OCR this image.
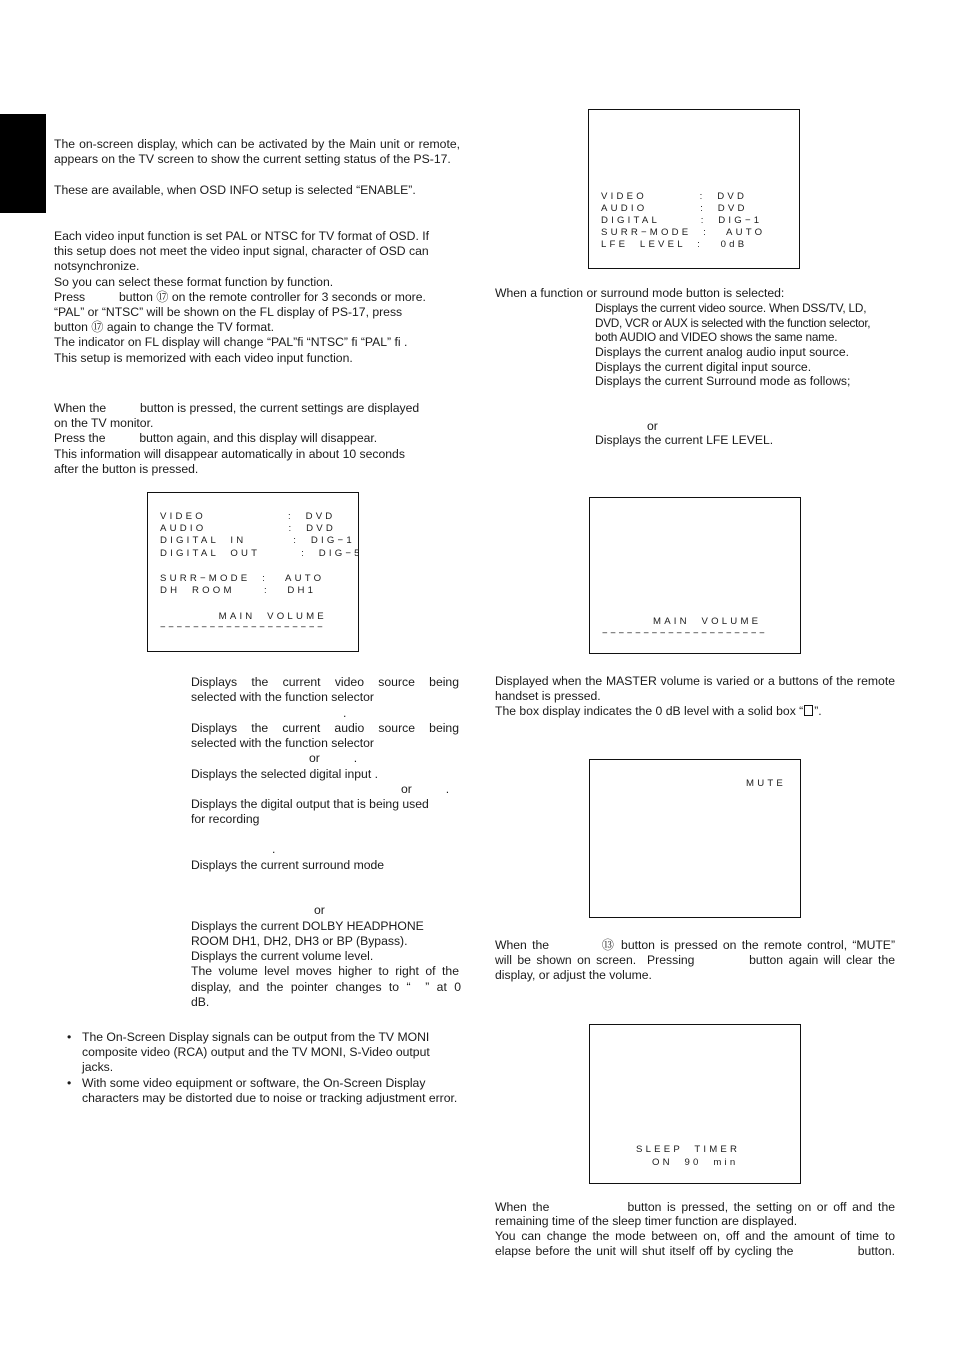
The on-screen display, which can be activated by the Main unit or remote, appears on the TV screen to show the current setting status of the PS-17.

These are available, when OSD INFO setup is selected “ENABLE”.

Each video input function is set PAL or NTSC for TV format of OSD. If

this setup does not meet the video input signal, character of OSD can

notsynchronize.

So you can select these format function by function.

Press          button ⑰ on the remote controller for 3 seconds or more.

“PAL” or “NTSC” will be shown on the FL display of PS-17, press

button ⑰ again to change the TV format.

The indicator on FL display will change “PAL”ﬁ “NTSC” ﬁ “PAL” ﬁ .

This setup is memorized with each video input function.

When the          button is pressed, the current settings are displayed

on the TV monitor.

Press the          button again, and this display will disappear.

This information will disappear automatically in about 10 seconds

after the button is pressed.

VIDEO              :  DVD
AUDIO              :  DVD
DIGITAL  IN        :  DIG−1
DIGITAL  OUT       :  DIG−5
SURR−MODE  :   AUTO
DH  ROOM     :   DH1
MAIN  VOLUME
− − − − − − − − − − − − − − − − − − − −

Displays the current video source being

selected with the function selector

.

Displays the current audio source being

selected with the function selector

or          .

Displays the selected digital input .

or          .

Displays the digital output that is being used

for recording

.

Displays the current surround mode

or

Displays the current DOLBY HEADPHONE

ROOM DH1, DH2, DH3 or BP (Bypass).

Displays the current volume level.

The volume level moves higher to right of the

display, and the pointer changes to “  ” at 0

dB.

• The On-Screen Display signals can be output from the TV MONI composite video (RCA) output and the TV MONI, S-Video output jacks.
• With some video equipment or software, the On-Screen Display characters may be distorted due to noise or tracking adjustment error.
VIDEO         :  DVD
AUDIO         :  DVD
DIGITAL       :  DIG−1
SURR−MODE  :   AUTO
LFE  LEVEL  :   0dB

When a function or surround mode button is selected:

Displays the current video source. When DSS/TV, LD,

DVD, VCR or AUX is selected with the function selector,

both AUDIO and VIDEO shows the same name.

Displays the current analog audio input source.

Displays the current digital input source.

Displays the current Surround mode as follows;

or

Displays the current LFE LEVEL.

MAIN  VOLUME
− − − − − − − − − − − − − − − − − − − −

Displayed when the MASTER volume is varied or a buttons of the remote handset is pressed.

The box display indicates the 0 dB level with a solid box “ ”.

MUTE

When the          ⑬ button is pressed on the remote control, “MUTE”

will be shown on screen.  Pressing          button again will clear the

display, or adjust the volume.

SLEEP  TIMER
ON  90  min

When the              button is pressed, the setting on or off and the

remaining time of the sleep timer function are displayed.

You can change the mode between on, off and the amount of time to

elapse before the unit will shut itself off by cycling the              button.
